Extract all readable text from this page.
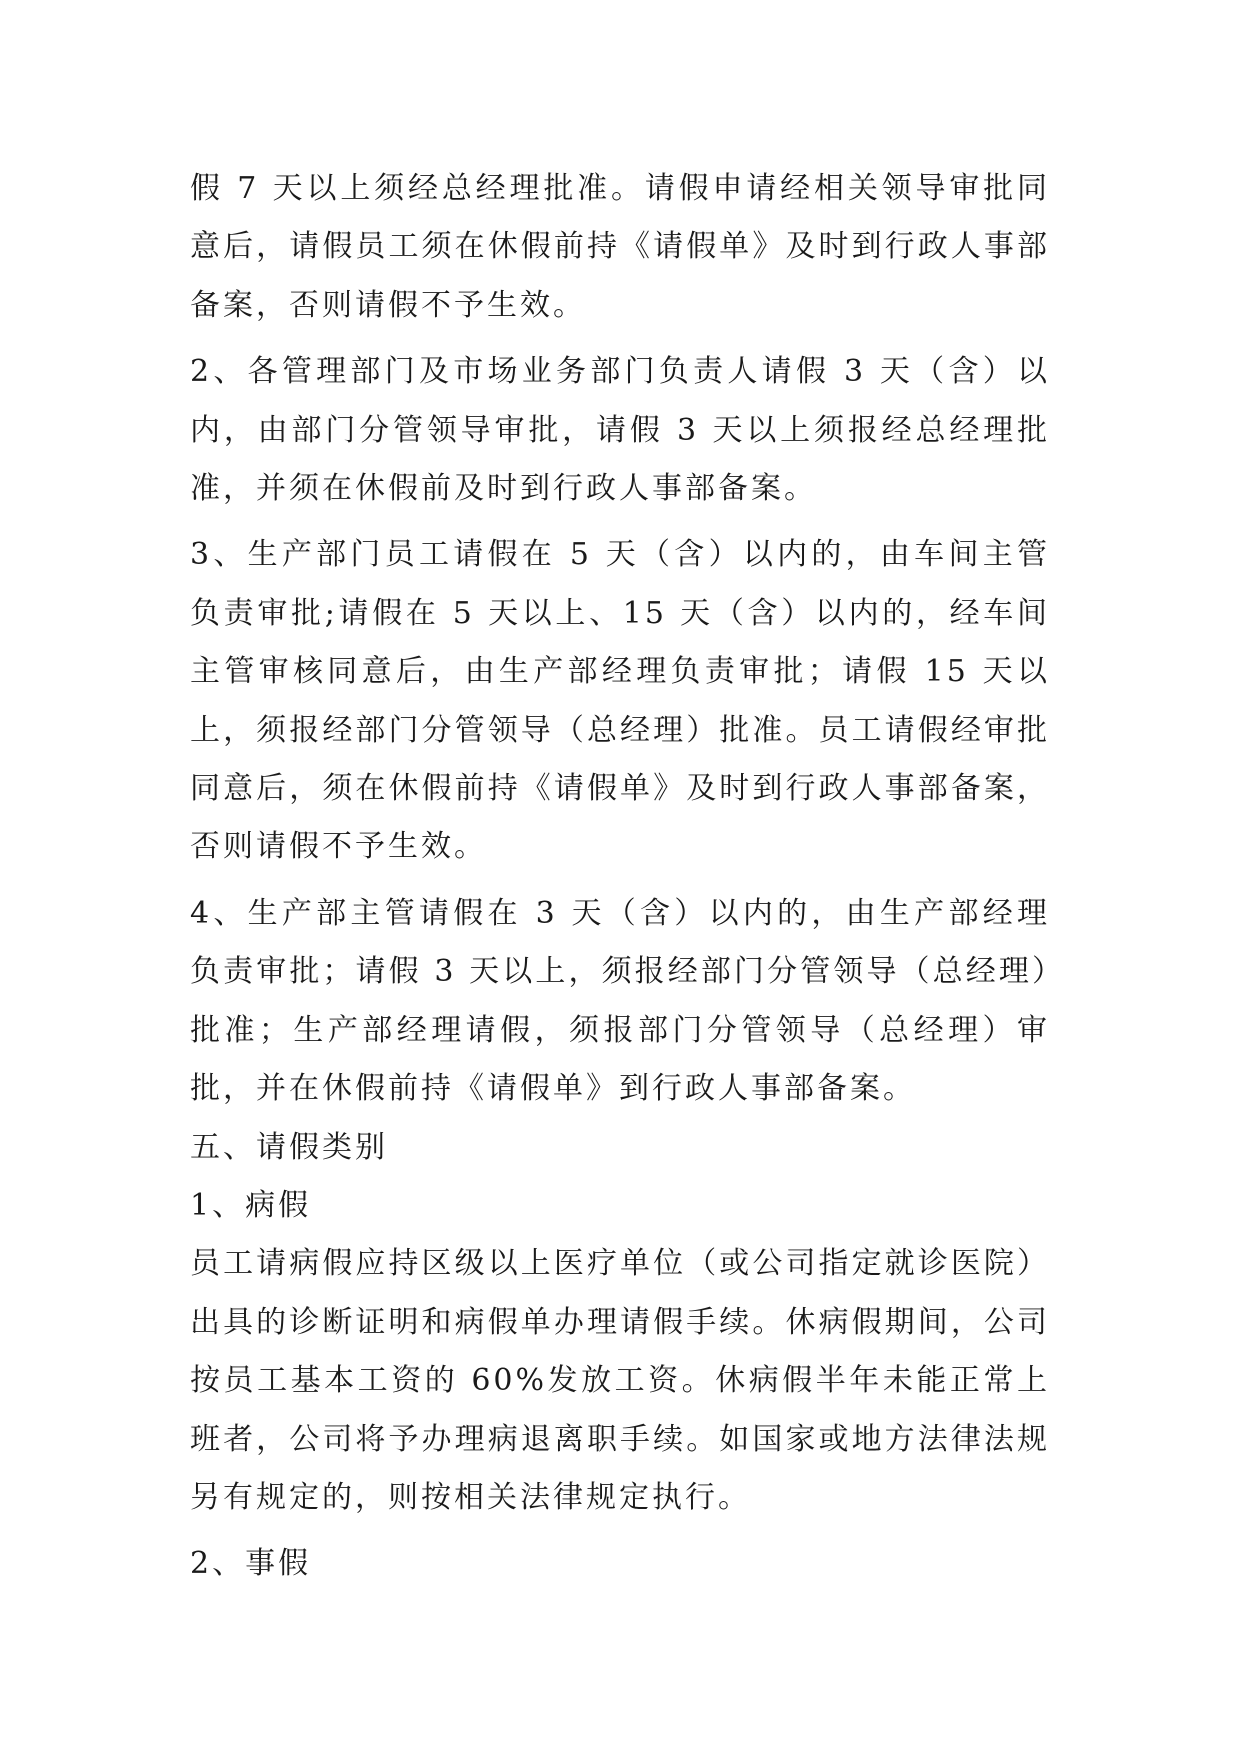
假 7 天以上须经总经理批准。请假申请经相关领导审批同意后，请假员工须在休假前持《请假单》及时到行政人事部备案，否则请假不予生效。

2、各管理部门及市场业务部门负责人请假 3 天（含）以内，由部门分管领导审批，请假 3 天以上须报经总经理批准，并须在休假前及时到行政人事部备案。

3、生产部门员工请假在 5 天（含）以内的，由车间主管负责审批;请假在 5 天以上、15 天（含）以内的，经车间主管审核同意后，由生产部经理负责审批；请假 15 天以上，须报经部门分管领导（总经理）批准。员工请假经审批同意后，须在休假前持《请假单》及时到行政人事部备案，否则请假不予生效。

4、生产部主管请假在 3 天（含）以内的，由生产部经理负责审批；请假 3 天以上，须报经部门分管领导（总经理）批准；生产部经理请假，须报部门分管领导（总经理）审批，并在休假前持《请假单》到行政人事部备案。

五、请假类别

1、病假

员工请病假应持区级以上医疗单位（或公司指定就诊医院）出具的诊断证明和病假单办理请假手续。休病假期间，公司按员工基本工资的 60%发放工资。休病假半年未能正常上班者，公司将予办理病退离职手续。如国家或地方法律法规另有规定的，则按相关法律规定执行。

2、事假
